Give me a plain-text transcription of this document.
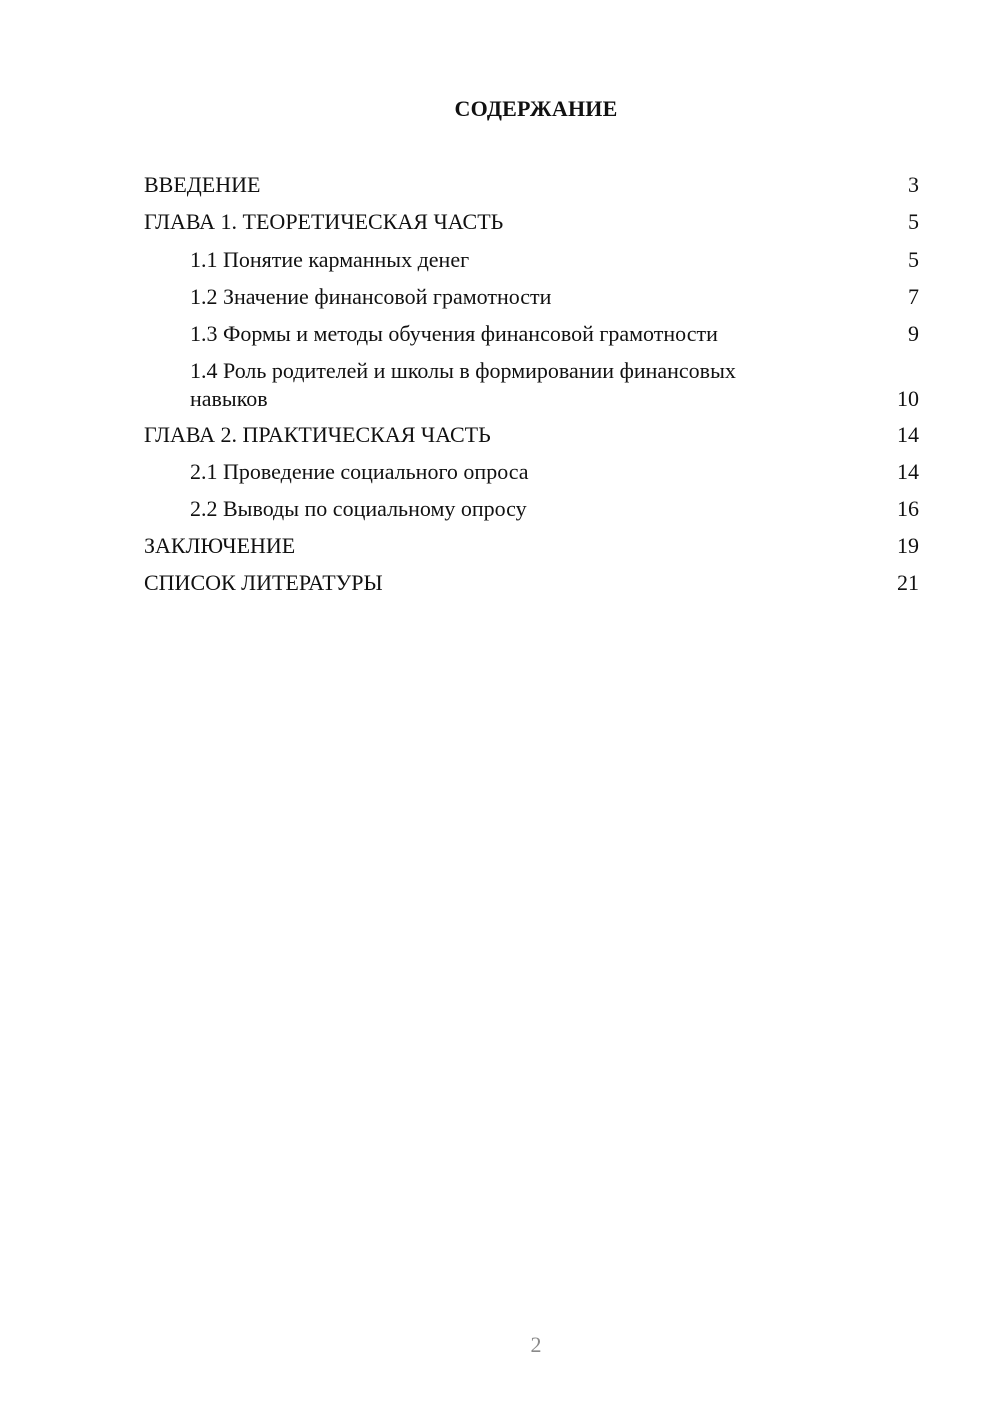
СОДЕРЖАНИЕ
ВВЕДЕНИЕ	3
ГЛАВА 1. ТЕОРЕТИЧЕСКАЯ ЧАСТЬ	5
1.1 Понятие карманных денег	5
1.2 Значение финансовой грамотности	7
1.3 Формы и методы обучения финансовой грамотности	9
1.4 Роль родителей и школы в формировании финансовых навыков	10
ГЛАВА 2. ПРАКТИЧЕСКАЯ ЧАСТЬ	14
2.1 Проведение социального опроса	14
2.2 Выводы по социальному опросу	16
ЗАКЛЮЧЕНИЕ	19
СПИСОК ЛИТЕРАТУРЫ	21
2
